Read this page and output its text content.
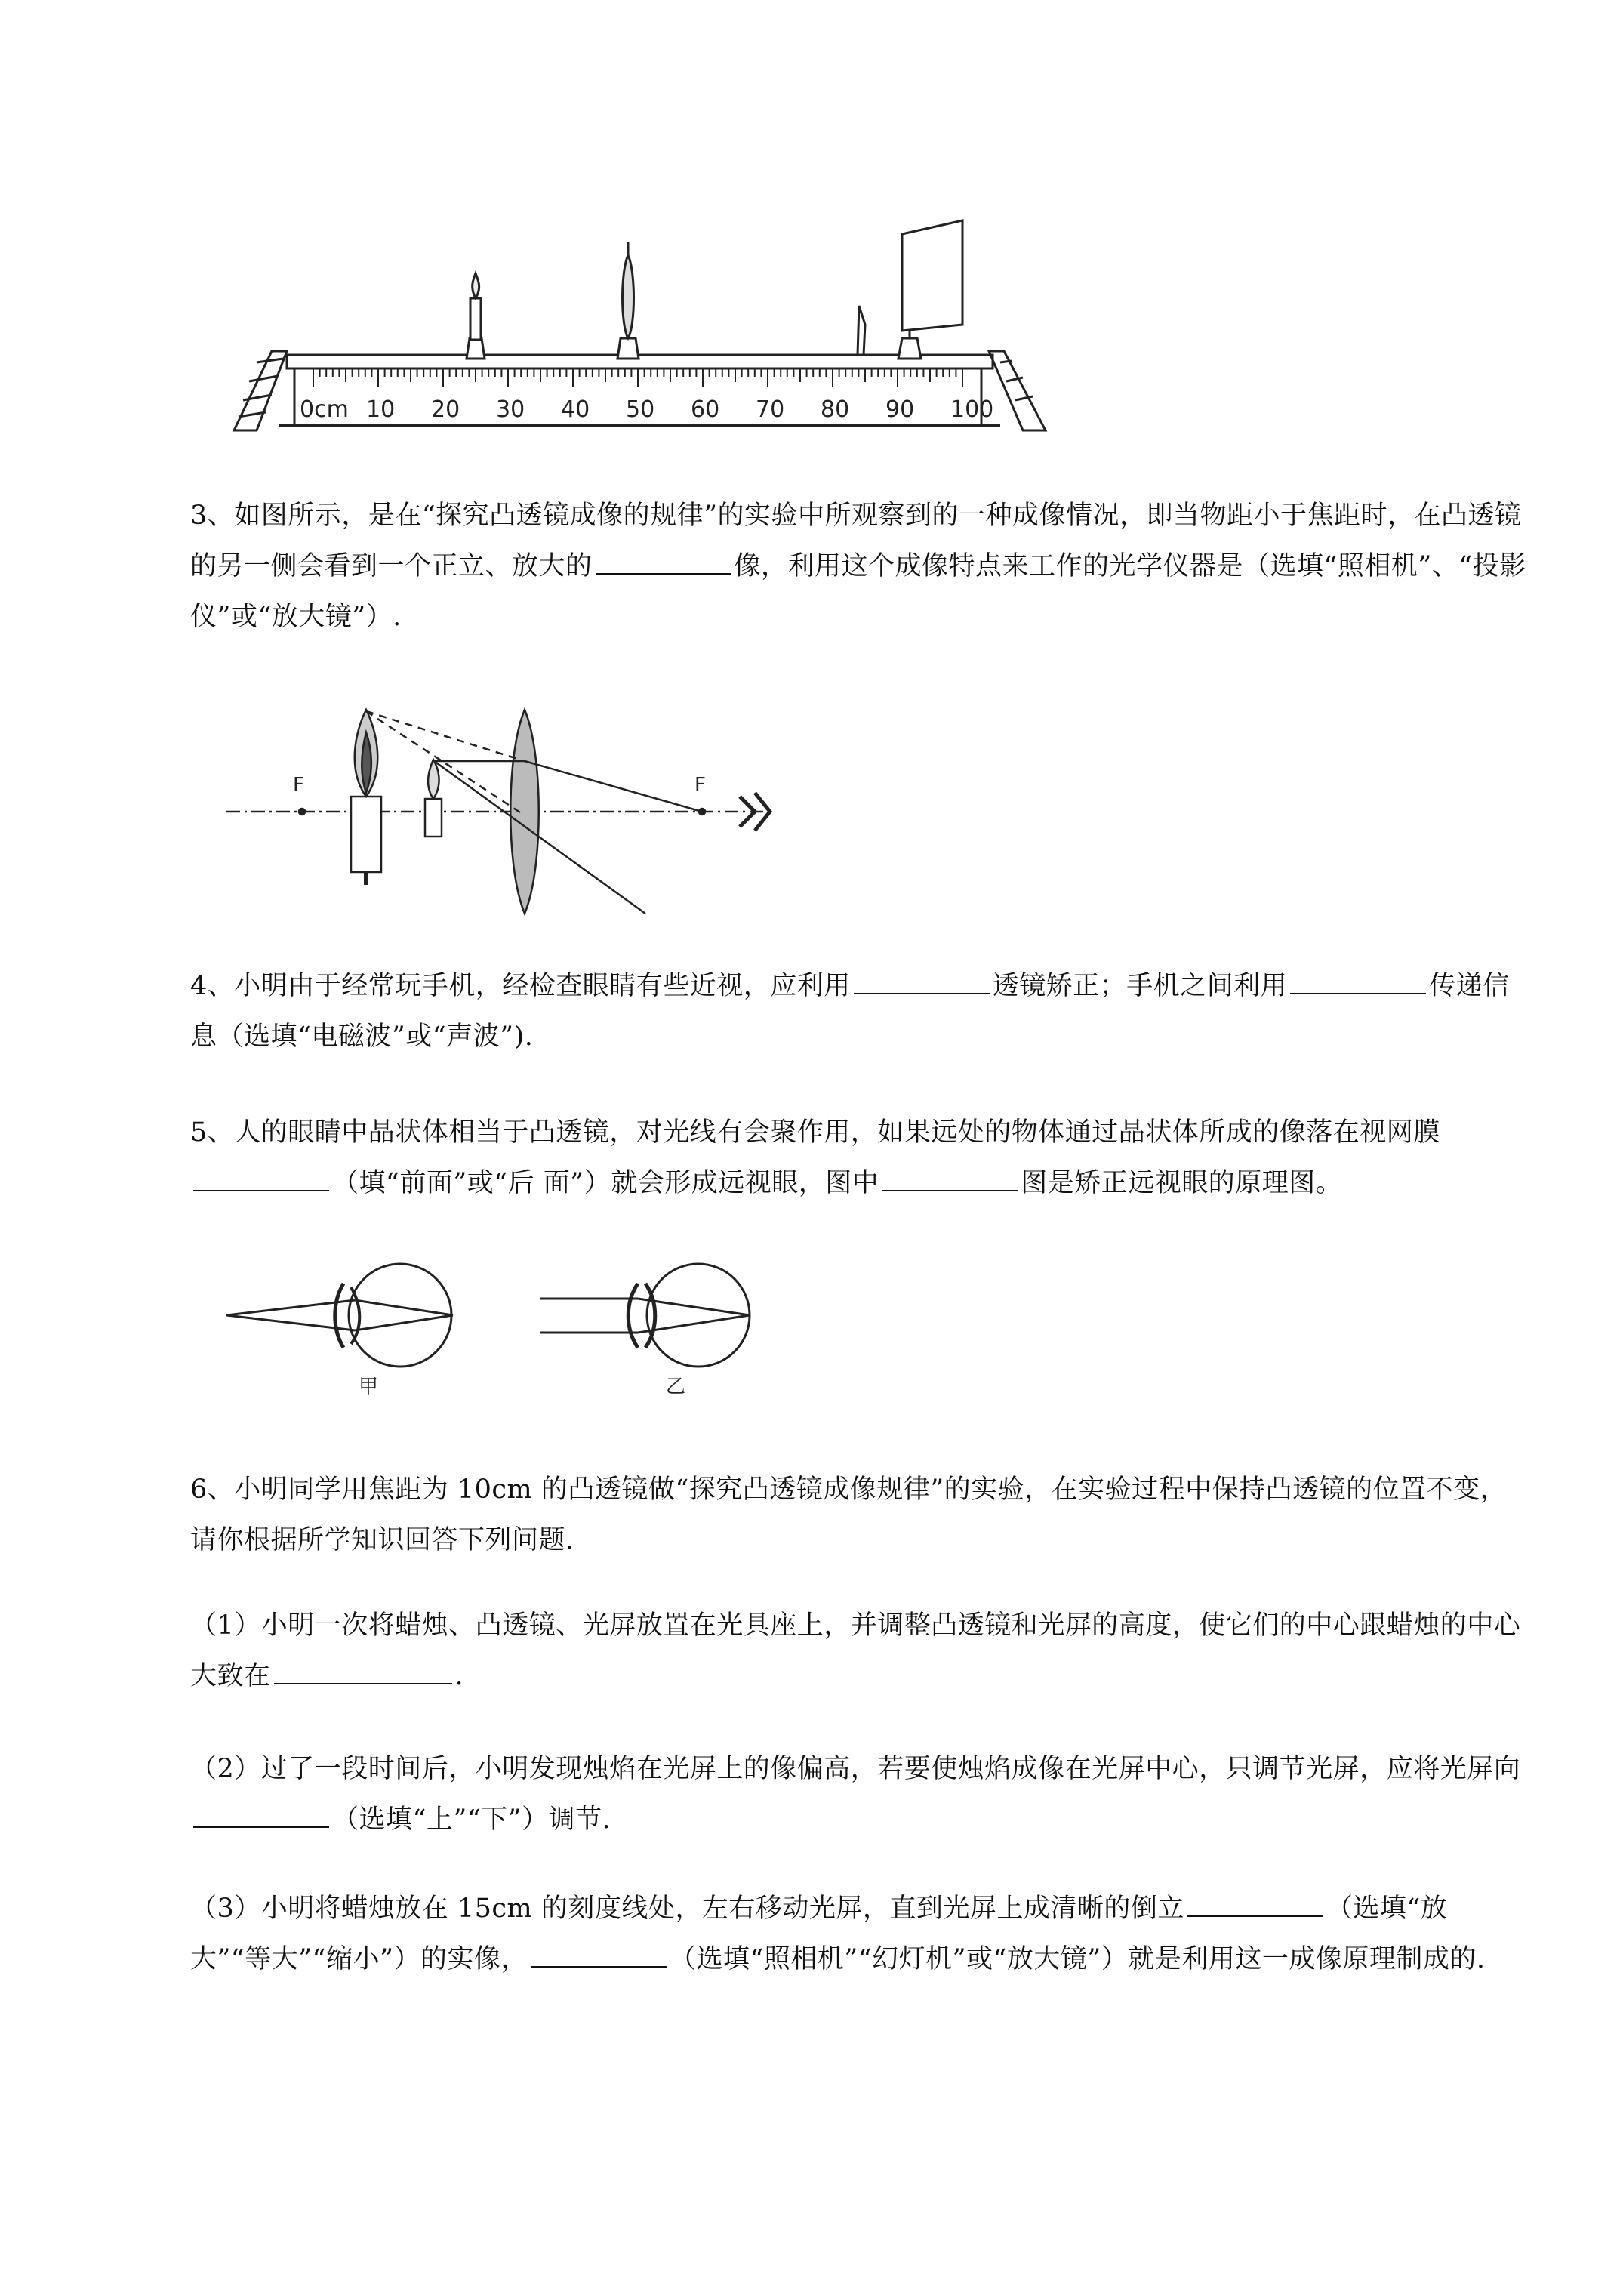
0cm 10 20 30 40 50 60 70 80 90 100

3、如图所示，是在“探究凸透镜成像的规律”的实验中所观察到的一种成像情况，即当物距小于焦距时，在凸透镜的另一侧会看到一个正立、放大的	像，利用这个成像特点来工作的光学仪器是（选填“照相机”、“投影仪”或“放大镜”）.

F	F

4、小明由于经常玩手机，经检查眼睛有些近视，应利用	透镜矫正；手机之间利用	传递信息（选填“电磁波”或“声波”).

5、人的眼睛中晶状体相当于凸透镜，对光线有会聚作用，如果远处的物体通过晶状体所成的像落在视网膜（填“前面”或“后 面”）就会形成远视眼，图中	图是矫正远视眼的原理图。

甲	乙

6、小明同学用焦距为 10cm 的凸透镜做“探究凸透镜成像规律”的实验，在实验过程中保持凸透镜的位置不变，请你根据所学知识回答下列问题.

（1）小明一次将蜡烛、凸透镜、光屏放置在光具座上，并调整凸透镜和光屏的高度，使它们的中心跟蜡烛的中心大致在	.

（2）过了一段时间后，小明发现烛焰在光屏上的像偏高，若要使烛焰成像在光屏中心，只调节光屏，应将光屏向（选填“上”“下”）调节.

（3）小明将蜡烛放在 15cm 的刻度线处，左右移动光屏，直到光屏上成清晰的倒立	（选填“放大”“等大”“缩小”）的实像，	（选填“照相机”“幻灯机”或“放大镜”）就是利用这一成像原理制成的.
